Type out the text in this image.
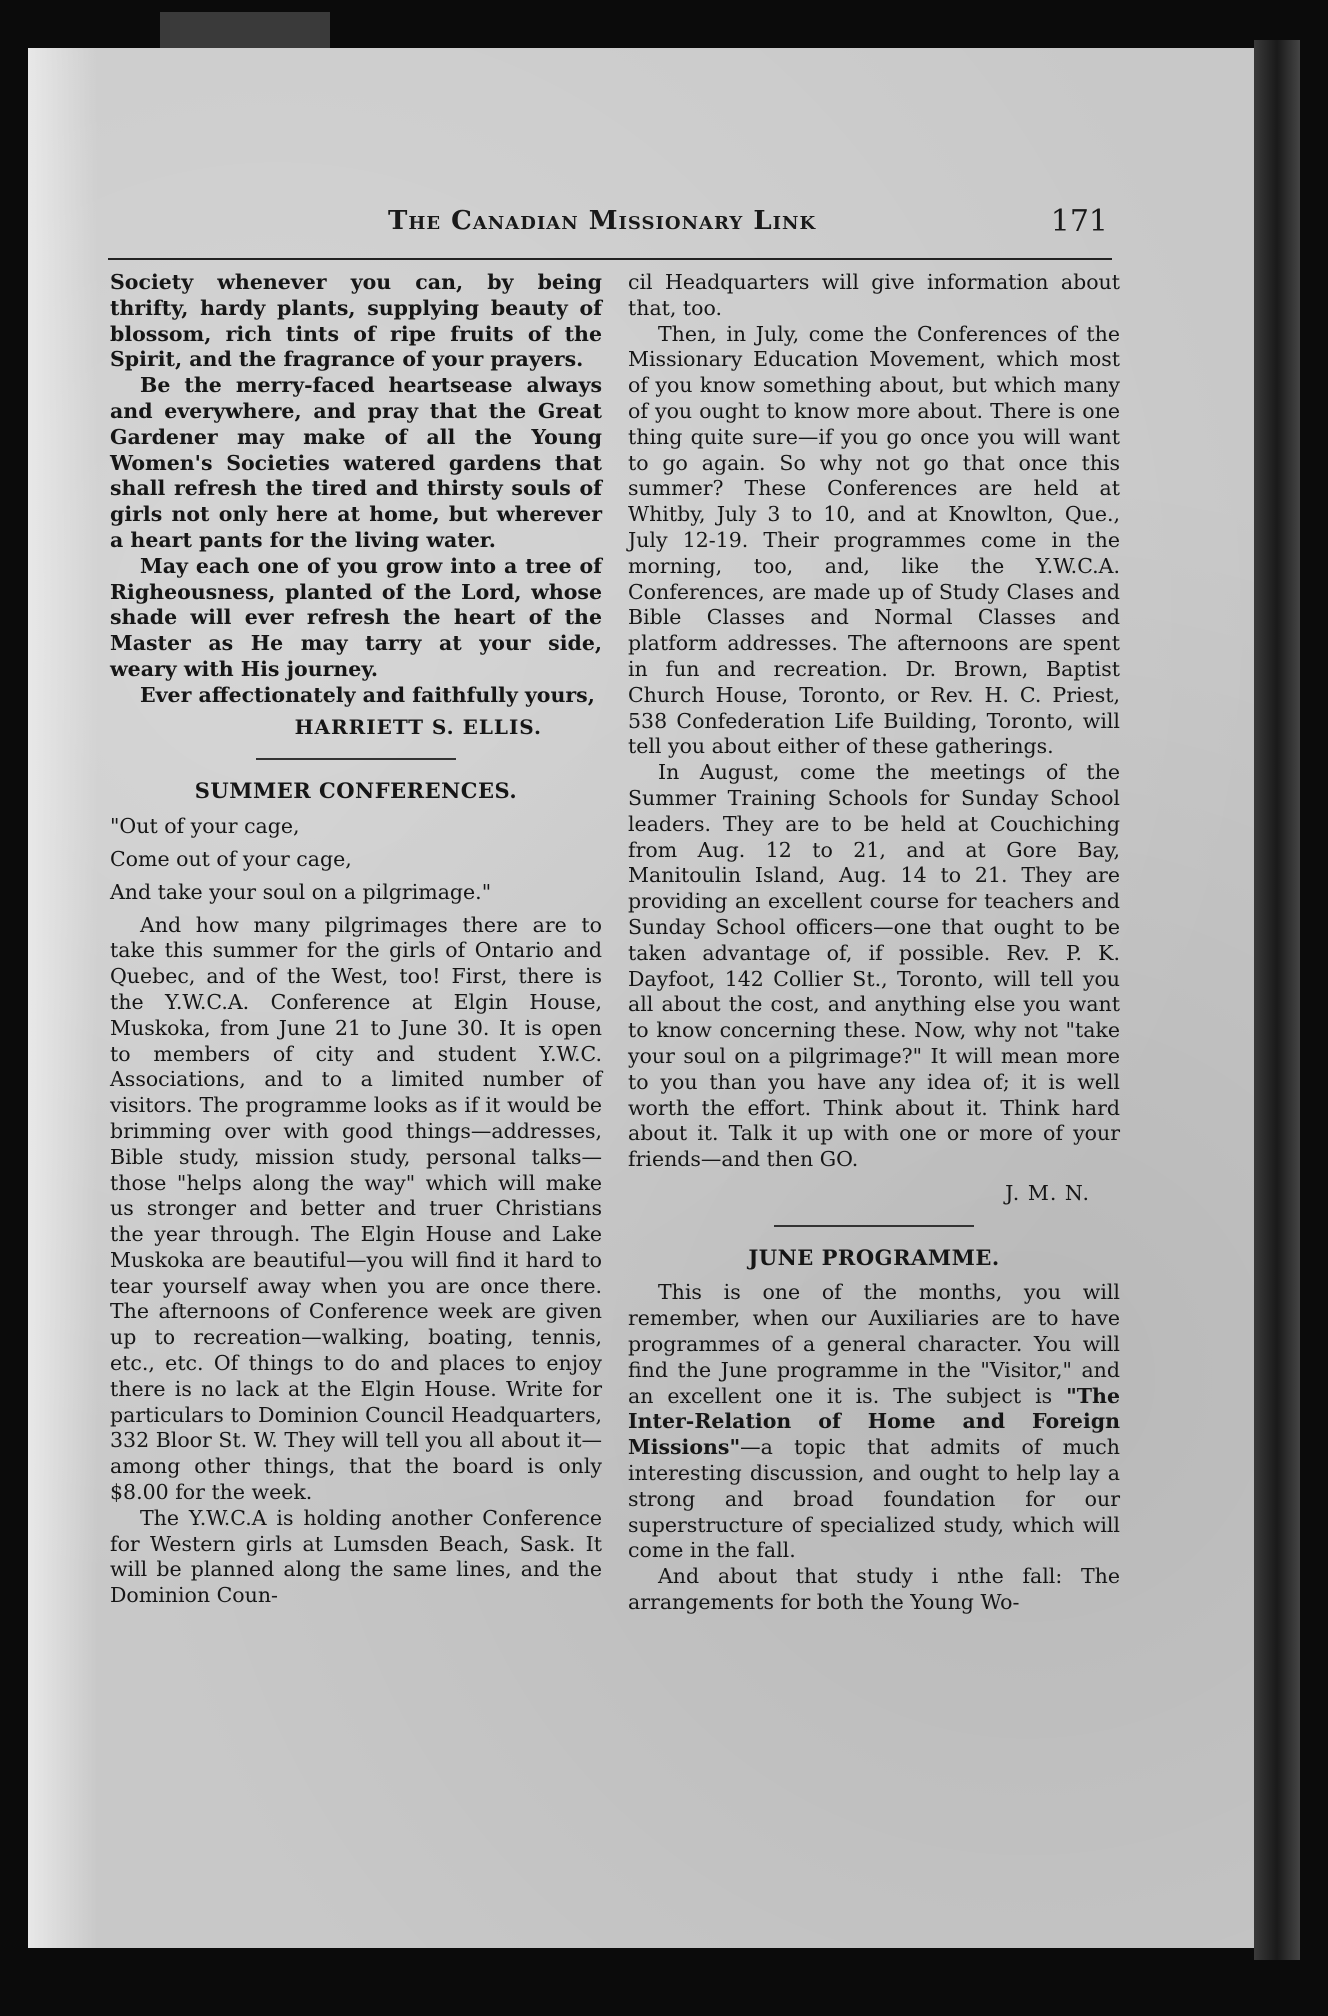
The Canadian Missionary Link	171

Society whenever you can, by being thrifty, hardy plants, supplying beauty of blossom, rich tints of ripe fruits of the Spirit, and the fragrance of your prayers.

Be the merry-faced heartsease always and everywhere, and pray that the Great Gardener may make of all the Young Women's Societies watered gardens that shall refresh the tired and thirsty souls of girls not only here at home, but wherever a heart pants for the living water.

May each one of you grow into a tree of Righeousness, planted of the Lord, whose shade will ever refresh the heart of the Master as He may tarry at your side, weary with His journey.

Ever affectionately and faithfully yours,

HARRIETT S. ELLIS.
SUMMER CONFERENCES.
"Out of your cage,
Come out of your cage,
And take your soul on a pilgrimage."

And how many pilgrimages there are to take this summer for the girls of Ontario and Quebec, and of the West, too! First, there is the Y.W.C.A. Conference at Elgin House, Muskoka, from June 21 to June 30. It is open to members of city and student Y.W.C. Associations, and to a limited number of visitors. The programme looks as if it would be brimming over with good things—addresses, Bible study, mission study, personal talks—those "helps along the way" which will make us stronger and better and truer Christians the year through. The Elgin House and Lake Muskoka are beautiful—you will find it hard to tear yourself away when you are once there. The afternoons of Conference week are given up to recreation—walking, boating, tennis, etc., etc. Of things to do and places to enjoy there is no lack at the Elgin House. Write for particulars to Dominion Council Headquarters, 332 Bloor St. W. They will tell you all about it—among other things, that the board is only $8.00 for the week.

The Y.W.C.A is holding another Conference for Western girls at Lumsden Beach, Sask. It will be planned along the same lines, and the Dominion Coun-

cil Headquarters will give information about that, too.

Then, in July, come the Conferences of the Missionary Education Movement, which most of you know something about, but which many of you ought to know more about. There is one thing quite sure—if you go once you will want to go again. So why not go that once this summer? These Conferences are held at Whitby, July 3 to 10, and at Knowlton, Que., July 12-19. Their programmes come in the morning, too, and, like the Y.W.C.A. Conferences, are made up of Study Clases and Bible Classes and Normal Classes and platform addresses. The afternoons are spent in fun and recreation. Dr. Brown, Baptist Church House, Toronto, or Rev. H. C. Priest, 538 Confederation Life Building, Toronto, will tell you about either of these gatherings.

In August, come the meetings of the Summer Training Schools for Sunday School leaders. They are to be held at Couchiching from Aug. 12 to 21, and at Gore Bay, Manitoulin Island, Aug. 14 to 21. They are providing an excellent course for teachers and Sunday School officers—one that ought to be taken advantage of, if possible. Rev. P. K. Dayfoot, 142 Collier St., Toronto, will tell you all about the cost, and anything else you want to know concerning these. Now, why not "take your soul on a pilgrimage?" It will mean more to you than you have any idea of; it is well worth the effort. Think about it. Think hard about it. Talk it up with one or more of your friends—and then GO.

J. M. N.
JUNE PROGRAMME.

This is one of the months, you will remember, when our Auxiliaries are to have programmes of a general character. You will find the June programme in the "Visitor," and an excellent one it is. The subject is "The Inter-Relation of Home and Foreign Missions"—a topic that admits of much interesting discussion, and ought to help lay a strong and broad foundation for our superstructure of specialized study, which will come in the fall.

And about that study i nthe fall: The arrangements for both the Young Wo-
